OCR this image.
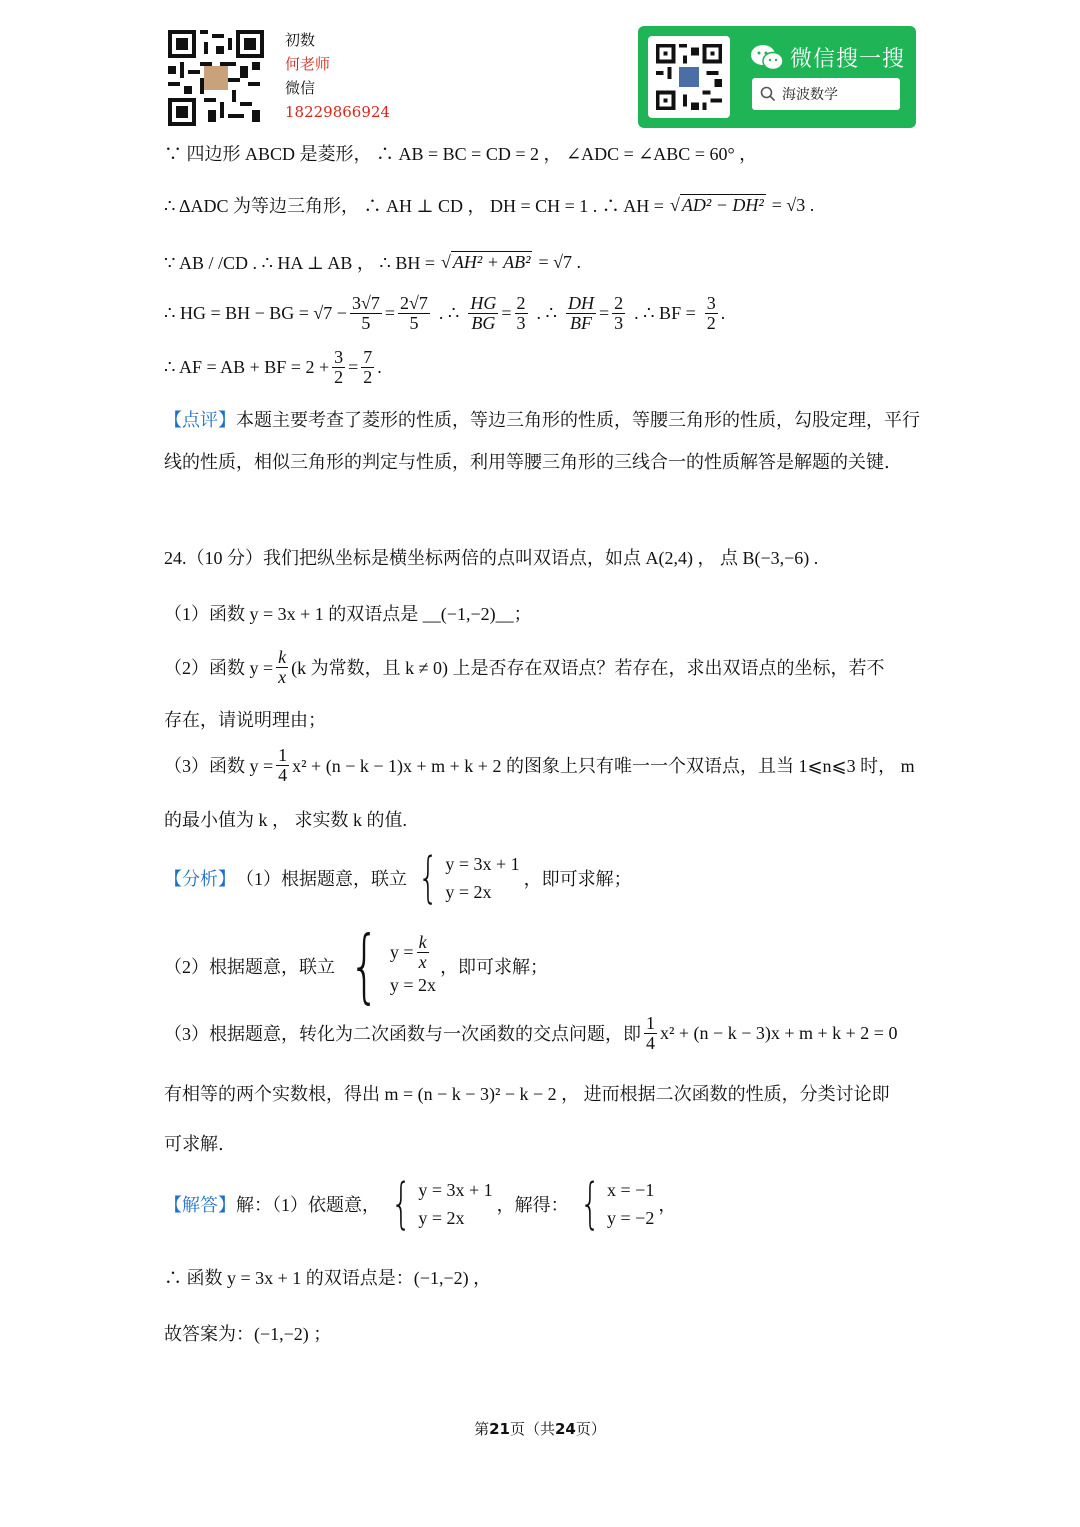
初数
何老师
微信
18229866924
微信搜一搜
海波数学
∵ 四边形 ABCD 是菱形， ∴ AB = BC = CD = 2 ， ∠ADC = ∠ABC = 60° ，
∴ ΔADC 为等边三角形， ∴ AH ⊥ CD ， DH = CH = 1 . ∴ AH = √ AD² − DH² = √3 .
∵ AB / /CD . ∴ HA ⊥ AB ， ∴ BH = √ AH² + AB² = √7 .
∴ HG = BH − BG = $√7 - \frac{3√7}{5} = \frac{2√7}{5}$ . ∴ $\frac{HG}{BG} = \frac{2}{3}$ . ∴ $\frac{DH}{BF} = \frac{2}{3}$ . ∴ BF = $\frac{3}{2}$ .
∴ AF = AB + BF = $2 + \frac{3}{2} = \frac{7}{2}$ .
【点评】本题主要考查了菱形的性质，等边三角形的性质，等腰三角形的性质，勾股定理，平行线的性质，相似三角形的判定与性质，利用等腰三角形的三线合一的性质解答是解题的关键.
24.（10 分）我们把纵坐标是横坐标两倍的点叫双语点，如点 A(2,4) ， 点 B(−3,−6) .
（1）函数 y = 3x + 1 的双语点是 __(−1,−2)__；
（2）函数 $y = \frac{k}{x} (k$ 为常数，且 k ≠ 0) 上是否存在双语点？若存在，求出双语点的坐标，若不
存在，请说明理由；
（3）函数 $y = \frac{1}{4} x^2 + (n - k - 1)x + m + k + 2$ 的图象上只有唯一一个双语点，且当 1⩽n⩽3 时， m
的最小值为 k ， 求实数 k 的值.
【分析】 （1）根据题意，联立 { y = 3x + 1
y = 2x
，即可求解；
（2）根据题意，联立 { $y = \frac{k}{x}$
y = 2x
，即可求解；
（3）根据题意，转化为二次函数与一次函数的交点问题，即 $\frac{1}{4} x^2 + (n - k - 3)x + m + k + 2 = 0$
有相等的两个实数根，得出 m = (n − k − 3)² − k − 2 ， 进而根据二次函数的性质，分类讨论即
可求解.
【解答】 解：（1）依题意， { y = 3x + 1
y = 2x
，解得： { x = −1
y = −2
，
∴ 函数 y = 3x + 1 的双语点是：(−1,−2) ，
故答案为：(−1,−2) ；
第21页（共24页）
